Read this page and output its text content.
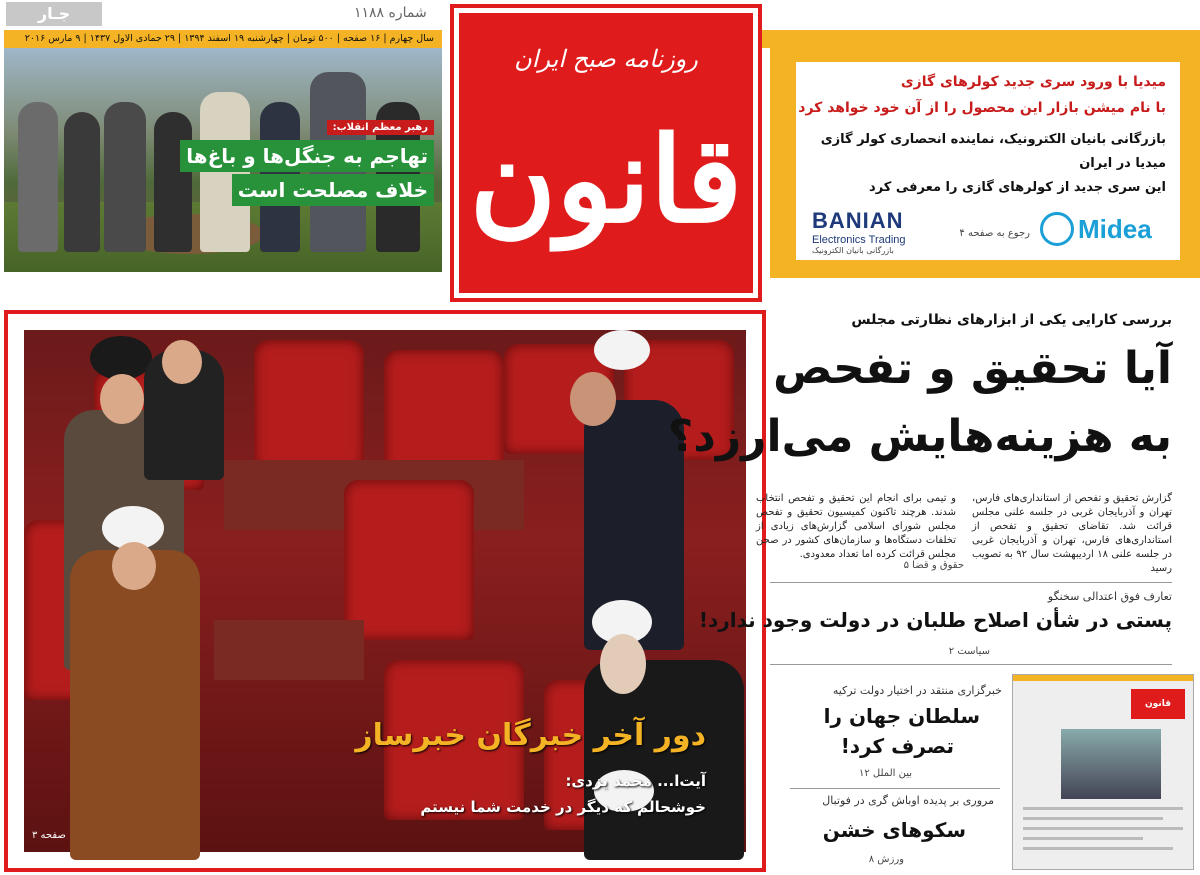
جـار	شماره ۱۱۸۸
سال چهارم | ۱۶ صفحه | ۵۰۰ تومان | چهارشنبه ۱۹ اسفند ۱۳۹۴ | ۲۹ جمادی الاول ۱۴۳۷ | ۹ مارس ۲۰۱۶
رهبر معظم انقلاب:
تهاجم به جنگل‌ها و باغ‌ها
خلاف مصلحت است
سیاست ۲
روزنامه صبح ایران
قانون
میدیا با ورود سری جدید کولرهای گازی
با نام میشن بازار این محصول را از آن خود خواهد کرد
بازرگانی بانیان الکترونیک، نماینده انحصاری کولر گازی
میدیا در ایران
این سری جدید از کولرهای گازی را معرفی کرد
رجوع به صفحه ۴ Midea
BANIAN
Electronics Trading
بازرگانی بانیان الکترونیک
دور آخر خبرگان خبرساز
آیت‌ا... محمد یزدی:
خوشحالم که دیگر در خدمت شما نیستم
صفحه ۳
بررسی کارایی یکی از ابزارهای نظارتی مجلس
آیا تحقیق و تفحص
به هزینه‌هایش می‌ارزد؟
گزارش تحقیق و تفحص از استانداری‌های فارس، تهران و آذربایجان غربی در جلسه علنی مجلس قرائت شد. تقاضای تحقیق و تفحص از استانداری‌های فارس، تهران و آذربایجان غربی در جلسه علنی ۱۸ اردیبهشت سال ۹۲ به تصویب رسید
و تیمی برای انجام این تحقیق و تفحص انتخاب شدند. هرچند تاکنون کمیسیون تحقیق و تفحص مجلس شورای اسلامی گزارش‌های زیادی از تخلفات دستگاه‌ها و سازمان‌های کشور در صحن مجلس قرائت کرده اما تعداد معدودی.
حقوق و قضا ۵
تعارف فوق اعتدالی سخنگو
پستی در شأن اصلاح طلبان در دولت وجود ندارد!
سیاست ۲
قانون
خبرگزاری منتقد در اختیار دولت ترکیه
سلطان جهان را
تصرف کرد!
بین الملل ۱۲
مروری بر پدیده اوباش گری در فوتبال
سکوهای خشن
ورزش ۸
